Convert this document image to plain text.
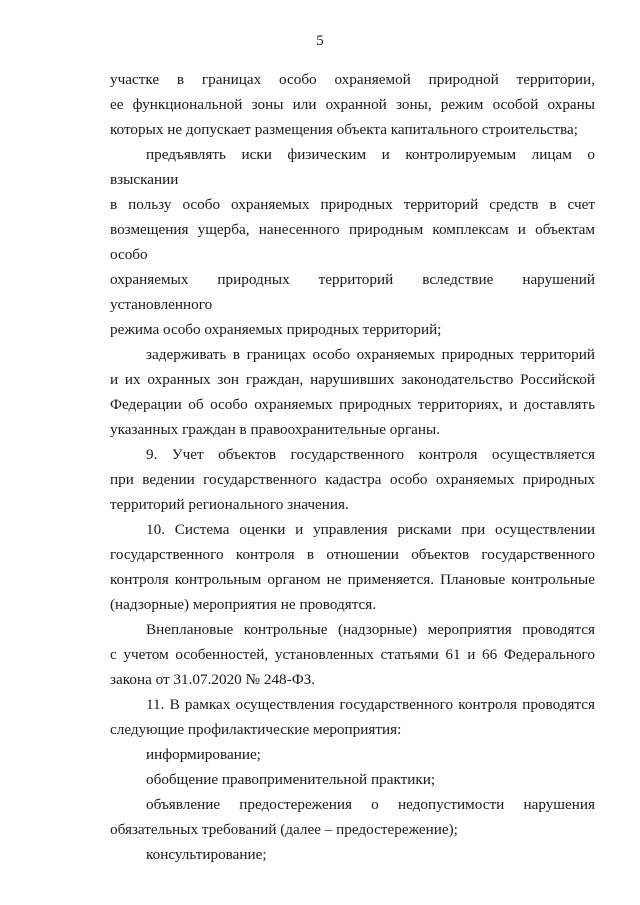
5
участке в границах особо охраняемой природной территории,
ее функциональной зоны или охранной зоны, режим особой охраны
которых не допускает размещения объекта капитального строительства;
предъявлять иски физическим и контролируемым лицам о взыскании
в пользу особо охраняемых природных территорий средств в счет
возмещения ущерба, нанесенного природным комплексам и объектам особо
охраняемых природных территорий вследствие нарушений установленного
режима особо охраняемых природных территорий;
задерживать в границах особо охраняемых природных территорий
и их охранных зон граждан, нарушивших законодательство Российской
Федерации об особо охраняемых природных территориях, и доставлять
указанных граждан в правоохранительные органы.
9. Учет объектов государственного контроля осуществляется
при ведении государственного кадастра особо охраняемых природных
территорий регионального значения.
10. Система оценки и управления рисками при осуществлении
государственного контроля в отношении объектов государственного
контроля контрольным органом не применяется. Плановые контрольные
(надзорные) мероприятия не проводятся.
Внеплановые контрольные (надзорные) мероприятия проводятся
с учетом особенностей, установленных статьями 61 и 66 Федерального
закона от 31.07.2020 № 248-ФЗ.
11. В рамках осуществления государственного контроля проводятся
следующие профилактические мероприятия:
информирование;
обобщение правоприменительной практики;
объявление предостережения о недопустимости нарушения
обязательных требований (далее – предостережение);
консультирование;
